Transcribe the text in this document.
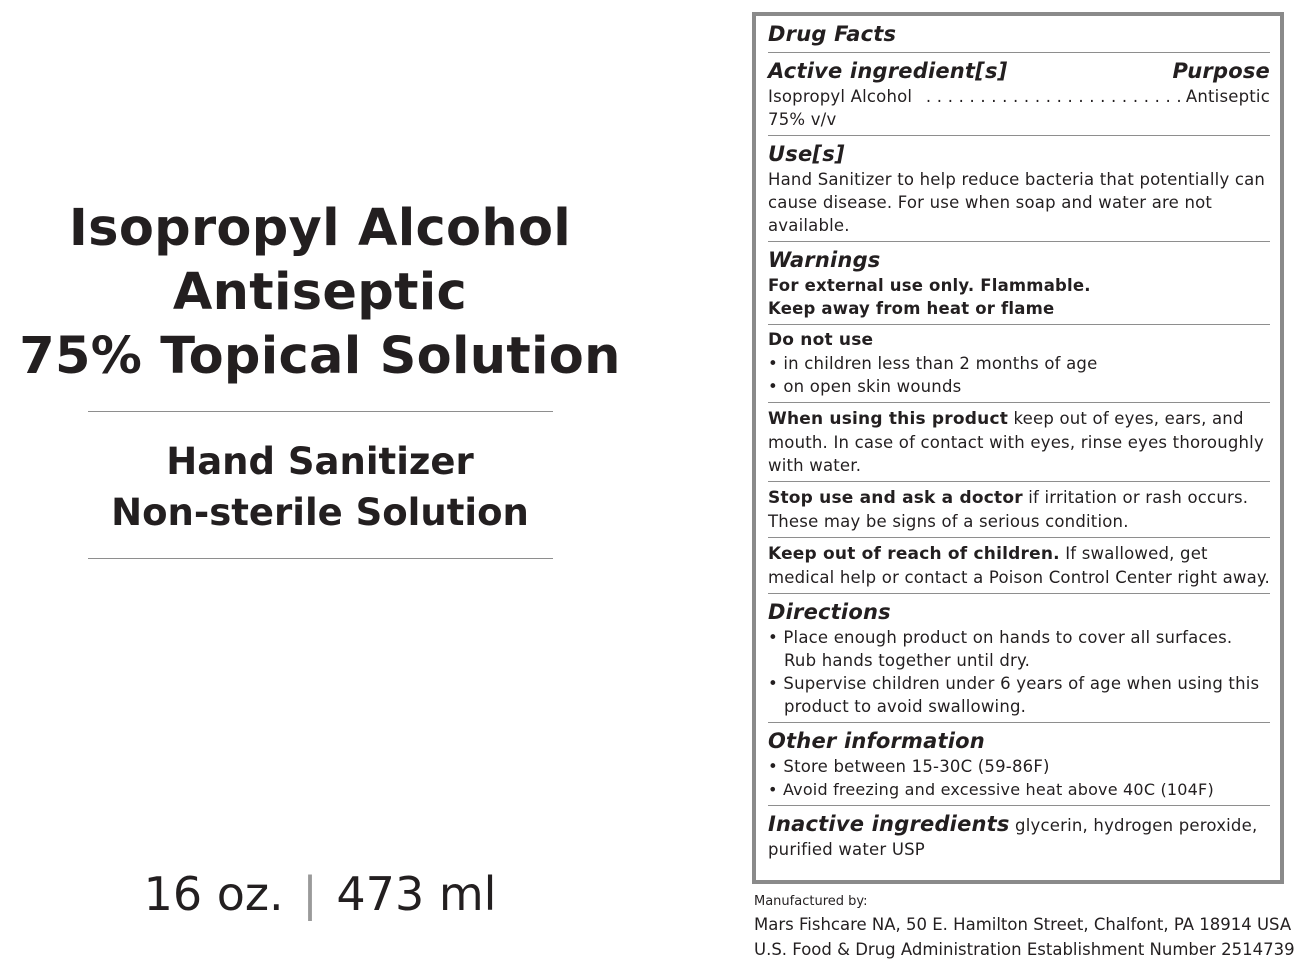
Isopropyl Alcohol
Antiseptic
75% Topical Solution
Hand Sanitizer
Non-sterile Solution
16 oz. | 473 ml
Drug Facts
Active ingredient[s]	Purpose
Isopropyl Alcohol 75% v/v
. . . . . . . . . . . . . . . . . . . . . . . . Antiseptic
Use[s]

Hand Sanitizer to help reduce bacteria that potentially can cause disease. For use when soap and water are not available.

Warnings
For external use only. Flammable.
Keep away from heat or flame
Do not use
• in children less than 2 months of age
• on open skin wounds

When using this product keep out of eyes, ears, and mouth. In case of contact with eyes, rinse eyes thoroughly with water.

Stop use and ask a doctor if irritation or rash occurs. These may be signs of a serious condition.

Keep out of reach of children. If swallowed, get medical help or contact a Poison Control Center right away.

Directions
• Place enough product on hands to cover all surfaces. Rub hands together until dry.
• Supervise children under 6 years of age when using this product to avoid swallowing.
Other information
• Store between 15-30C (59-86F)
• Avoid freezing and excessive heat above 40C (104F)

Inactive ingredients glycerin, hydrogen peroxide, purified water USP

Manufactured by:
Mars Fishcare NA, 50 E. Hamilton Street, Chalfont, PA 18914 USA
U.S. Food & Drug Administration Establishment Number 2514739
